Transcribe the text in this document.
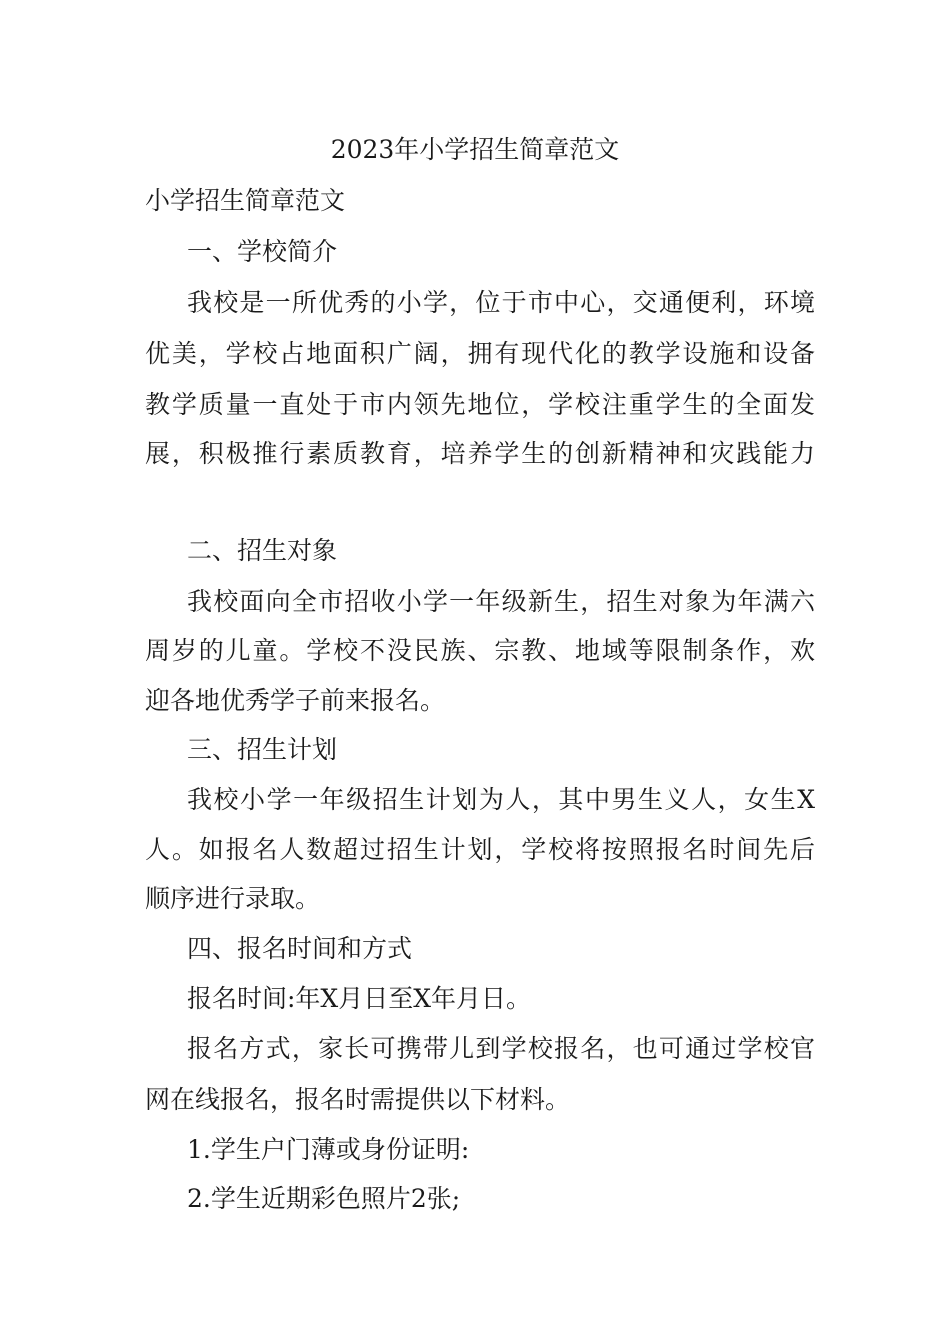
2023年小学招生简章范文
小学招生简章范文
一、学校简介
我校是一所优秀的小学，位于市中心，交通便利，环境
优美，学校占地面积广阔，拥有现代化的教学设施和设备
教学质量一直处于市内领先地位，学校注重学生的全面发
展，积极推行素质教育，培养学生的创新精神和灾践能力
二、招生对象
我校面向全市招收小学一年级新生，招生对象为年满六
周岁的儿童。学校不没民族、宗教、地域等限制条作，欢
迎各地优秀学子前来报名。
三、招生计划
我校小学一年级招生计划为人，其中男生义人，女生X
人。如报名人数超过招生计划，学校将按照报名时间先后
顺序进行录取。
四、报名时间和方式
报名时间:年X月日至X年月日。
报名方式，家长可携带儿到学校报名，也可通过学校官
网在线报名，报名时需提供以下材料。
1.学生户门薄或身份证明:
2.学生近期彩色照片2张;
